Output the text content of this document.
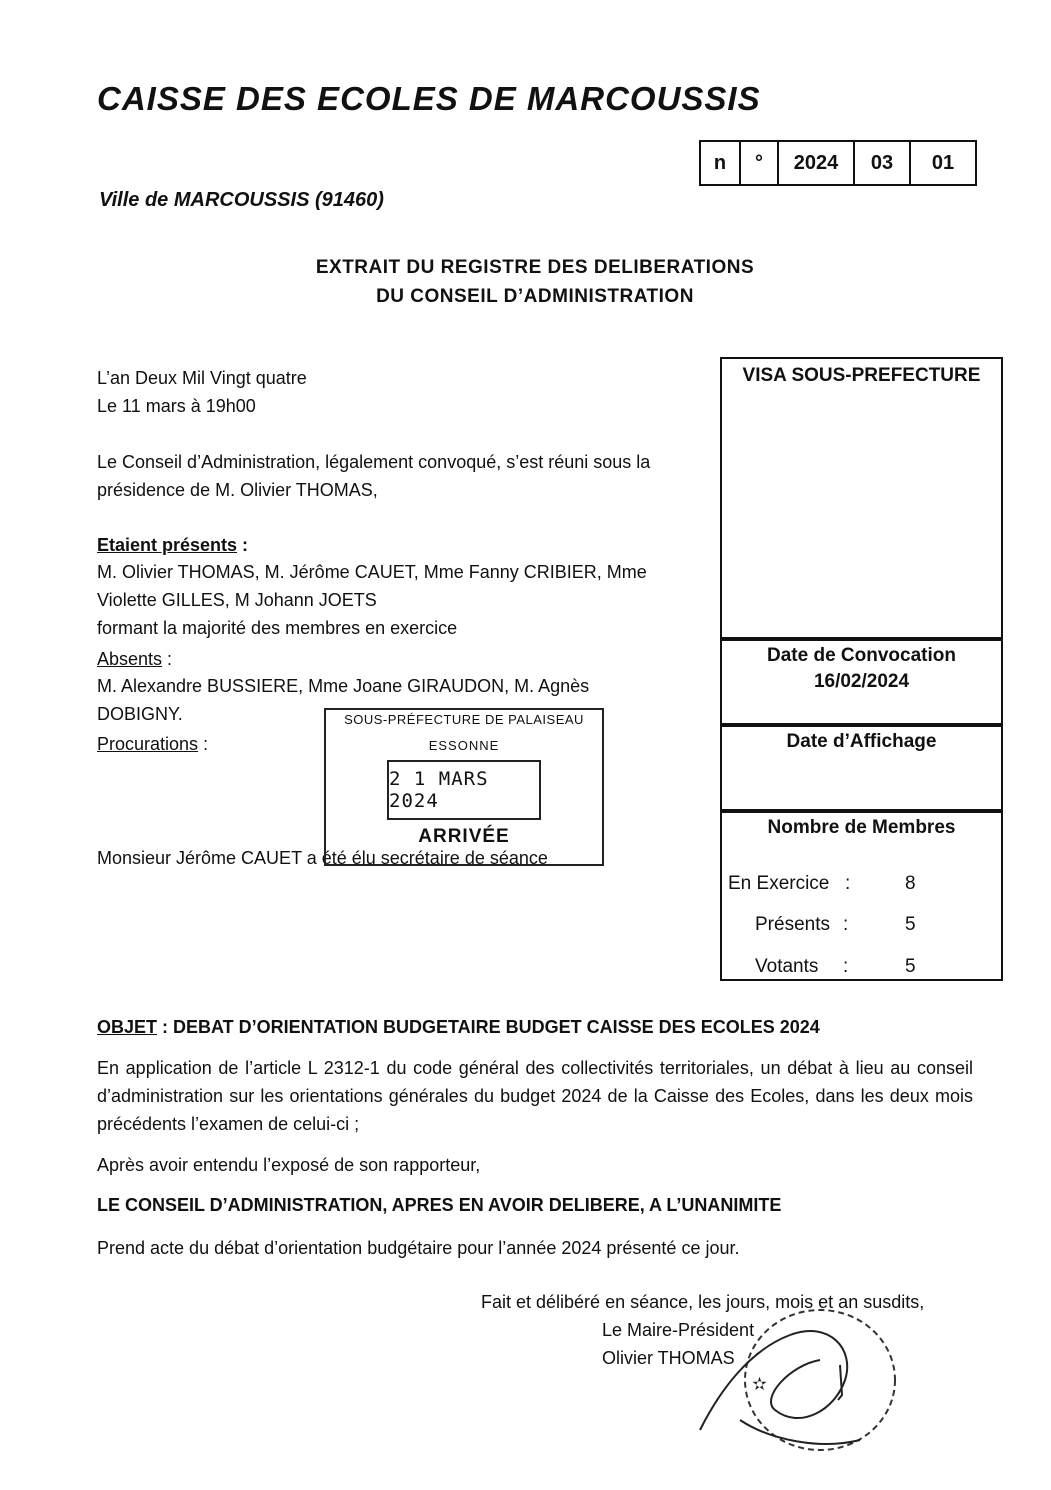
CAISSE DES ECOLES DE MARCOUSSIS
n	°	2024	03	01
Ville de MARCOUSSIS (91460)
EXTRAIT DU REGISTRE DES DELIBERATIONS
DU CONSEIL D’ADMINISTRATION
L’an Deux Mil Vingt quatre
Le 11 mars à 19h00
Le Conseil d’Administration, légalement convoqué, s’est réuni sous la
présidence de M. Olivier THOMAS,
Etaient présents :
M. Olivier THOMAS, M. Jérôme CAUET, Mme Fanny CRIBIER, Mme
Violette GILLES, M Johann JOETS
formant la majorité des membres en exercice
Absents :
M. Alexandre BUSSIERE, Mme Joane GIRAUDON, M. Agnès
DOBIGNY.
Procurations :
Monsieur Jérôme CAUET a été élu secrétaire de séance
SOUS-PRÉFECTURE DE PALAISEAU
ESSONNE
2 1 MARS 2024
ARRIVÉE
VISA SOUS-PREFECTURE
Date de Convocation
16/02/2024
Date d’Affichage
Nombre de Membres
En Exercice :	8
Présents :	5
Votants :	5
OBJET : DEBAT D’ORIENTATION BUDGETAIRE BUDGET CAISSE DES ECOLES 2024
En application de l’article L 2312-1 du code général des collectivités territoriales, un débat à lieu au conseil d’administration sur les orientations générales du budget 2024 de la Caisse des Ecoles, dans les deux mois précédents l’examen de celui-ci ;
Après avoir entendu l’exposé de son rapporteur,
LE CONSEIL D’ADMINISTRATION, APRES EN AVOIR DELIBERE, A L’UNANIMITE
Prend acte du débat d’orientation budgétaire pour l’année 2024 présenté ce jour.
Fait et délibéré en séance, les jours, mois et an susdits,
Le Maire-Président
Olivier THOMAS
✫
